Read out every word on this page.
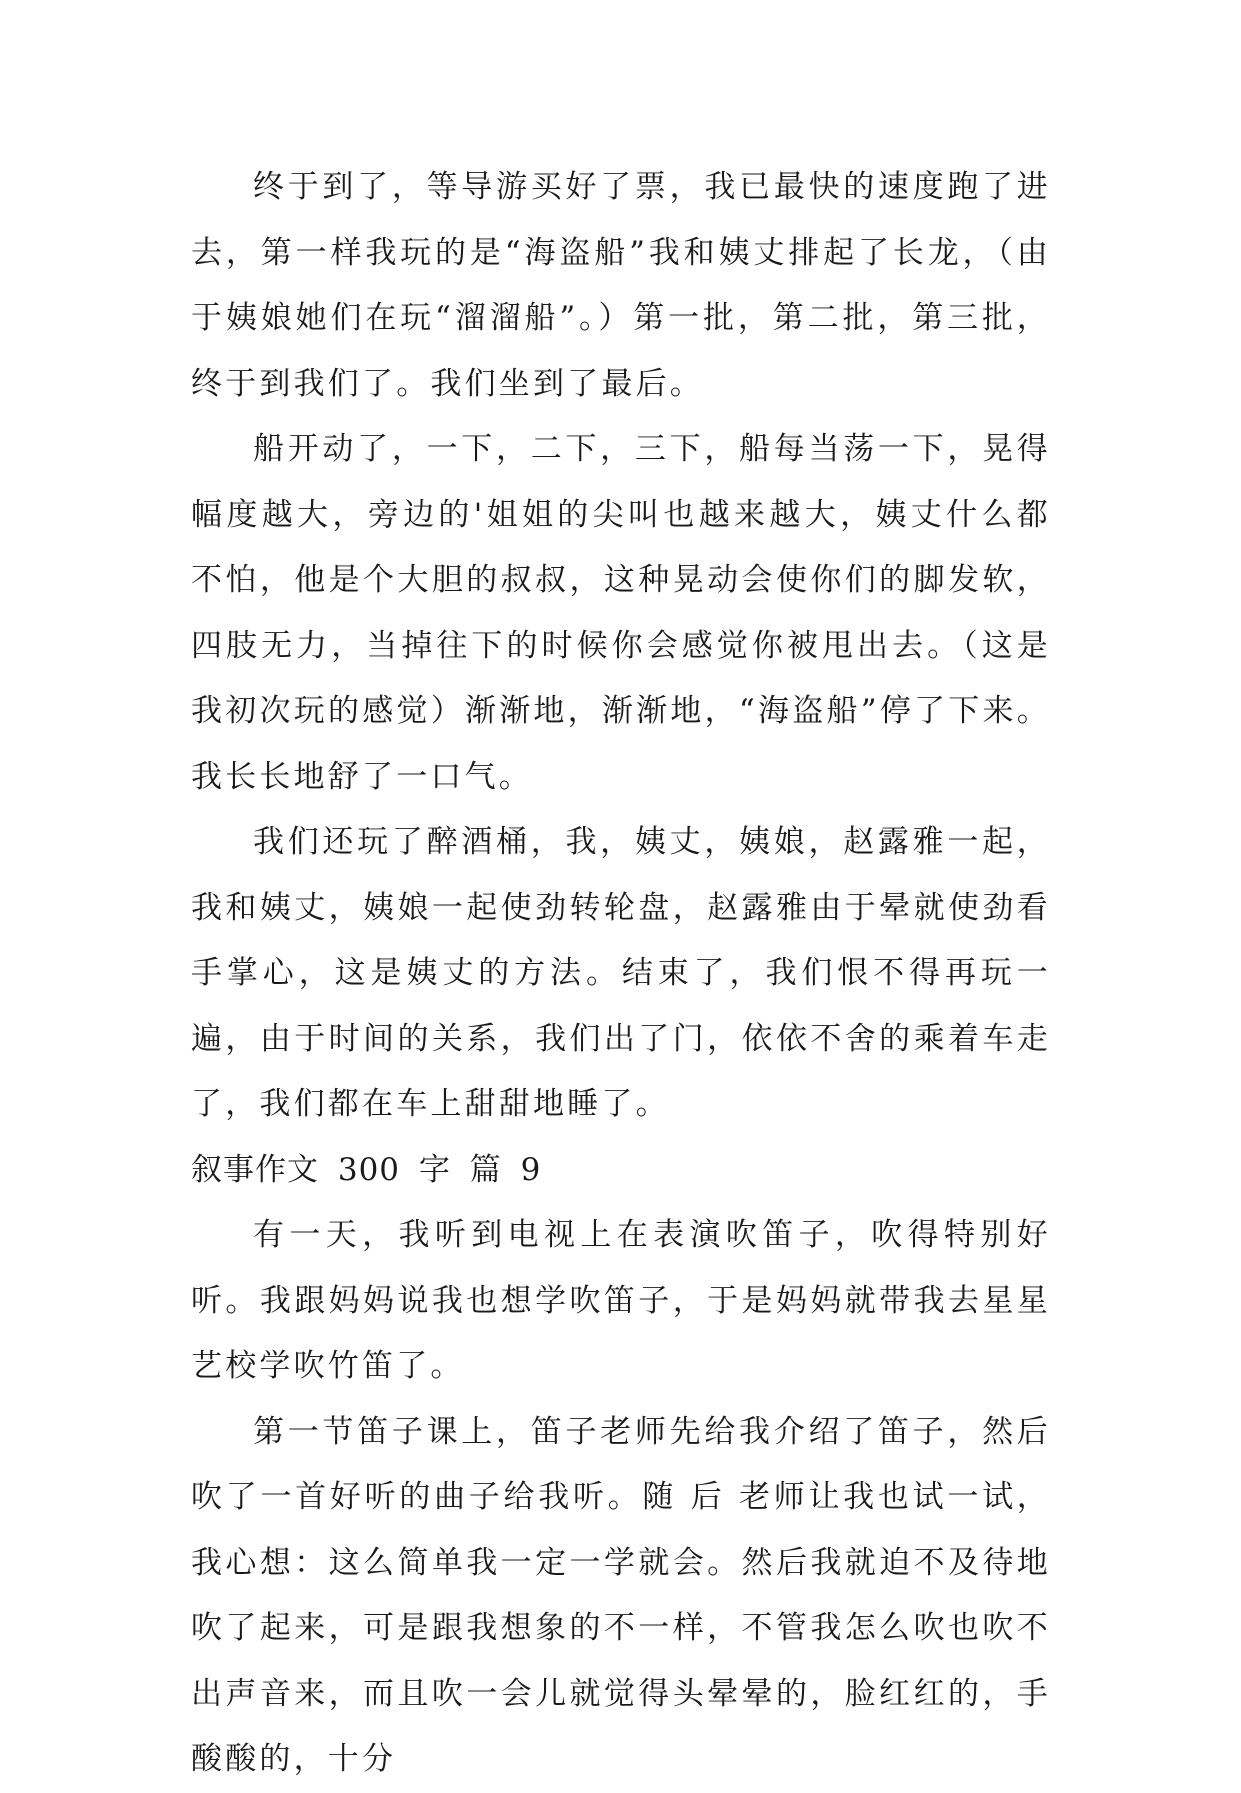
终于到了，等导游买好了票，我已最快的速度跑了进去，第一样我玩的是“海盗船”我和姨丈排起了长龙，（由于姨娘她们在玩“溜溜船”。）第一批，第二批，第三批，终于到我们了。我们坐到了最后。

船开动了，一下，二下，三下，船每当荡一下，晃得幅度越大，旁边的'姐姐的尖叫也越来越大，姨丈什么都不怕，他是个大胆的叔叔，这种晃动会使你们的脚发软，四肢无力，当掉往下的时候你会感觉你被甩出去。（这是我初次玩的感觉）渐渐地，渐渐地，“海盗船”停了下来。我长长地舒了一口气。

我们还玩了醉酒桶，我，姨丈，姨娘，赵露雅一起，我和姨丈，姨娘一起使劲转轮盘，赵露雅由于晕就使劲看手掌心，这是姨丈的方法。结束了，我们恨不得再玩一遍，由于时间的关系，我们出了门，依依不舍的乘着车走了，我们都在车上甜甜地睡了。

叙事作文 300 字 篇 9

有一天，我听到电视上在表演吹笛子，吹得特别好听。我跟妈妈说我也想学吹笛子，于是妈妈就带我去星星艺校学吹竹笛了。

第一节笛子课上，笛子老师先给我介绍了笛子，然后吹了一首好听的曲子给我听。随 后 老师让我也试一试，我心想：这么简单我一定一学就会。然后我就迫不及待地吹了起来，可是跟我想象的不一样，不管我怎么吹也吹不出声音来，而且吹一会儿就觉得头晕晕的，脸红红的，手酸酸的，十分
